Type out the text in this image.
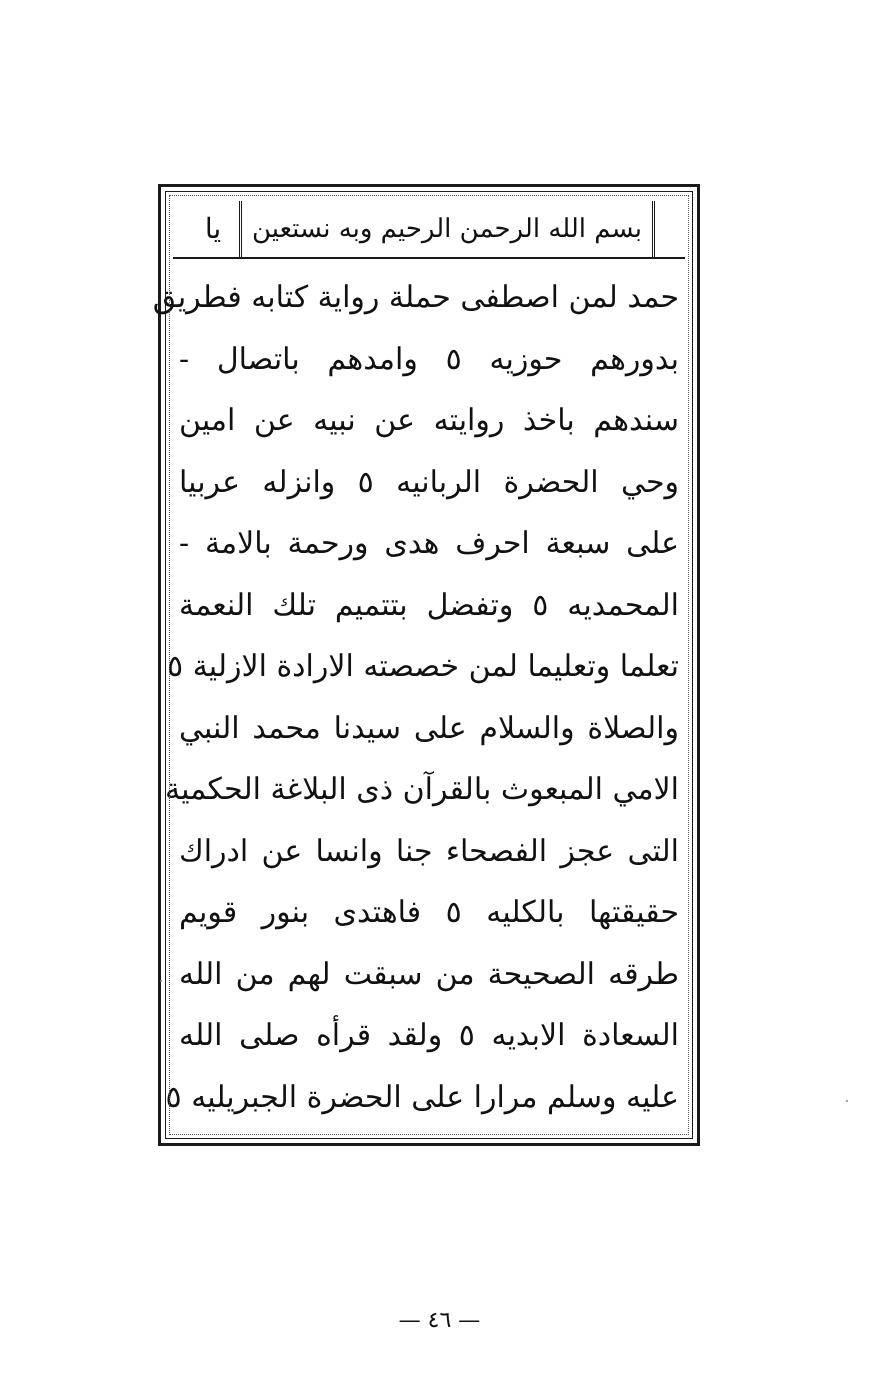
يا	بسم الله الرحمن الرحيم وبه نستعين
حمد لمن اصطفى حملة رواية كتابه فطريق
بدورهم حوزيه ٥ وامدهم باتصال -
سندهم باخذ روايته عن نبيه عن امين
وحي الحضرة الربانيه ٥ وانزله عربيا
على سبعة احرف هدى ورحمة بالامة -
المحمديه ٥ وتفضل بتتميم تلك النعمة
تعلما وتعليما لمن خصصته الارادة الازلية ٥
والصلاة والسلام على سيدنا محمد النبي
الامي المبعوث بالقرآن ذى البلاغة الحكمية
التى عجز الفصحاء جنا وانسا عن ادراك
حقيقتها بالكليه ٥ فاهتدى بنور قويم
طرقه الصحيحة من سبقت لهم من الله
السعادة الابديه ٥ ولقد قرأه صلى الله
عليه وسلم مرارا على الحضرة الجبريليه ٥
— ٤٦ —
